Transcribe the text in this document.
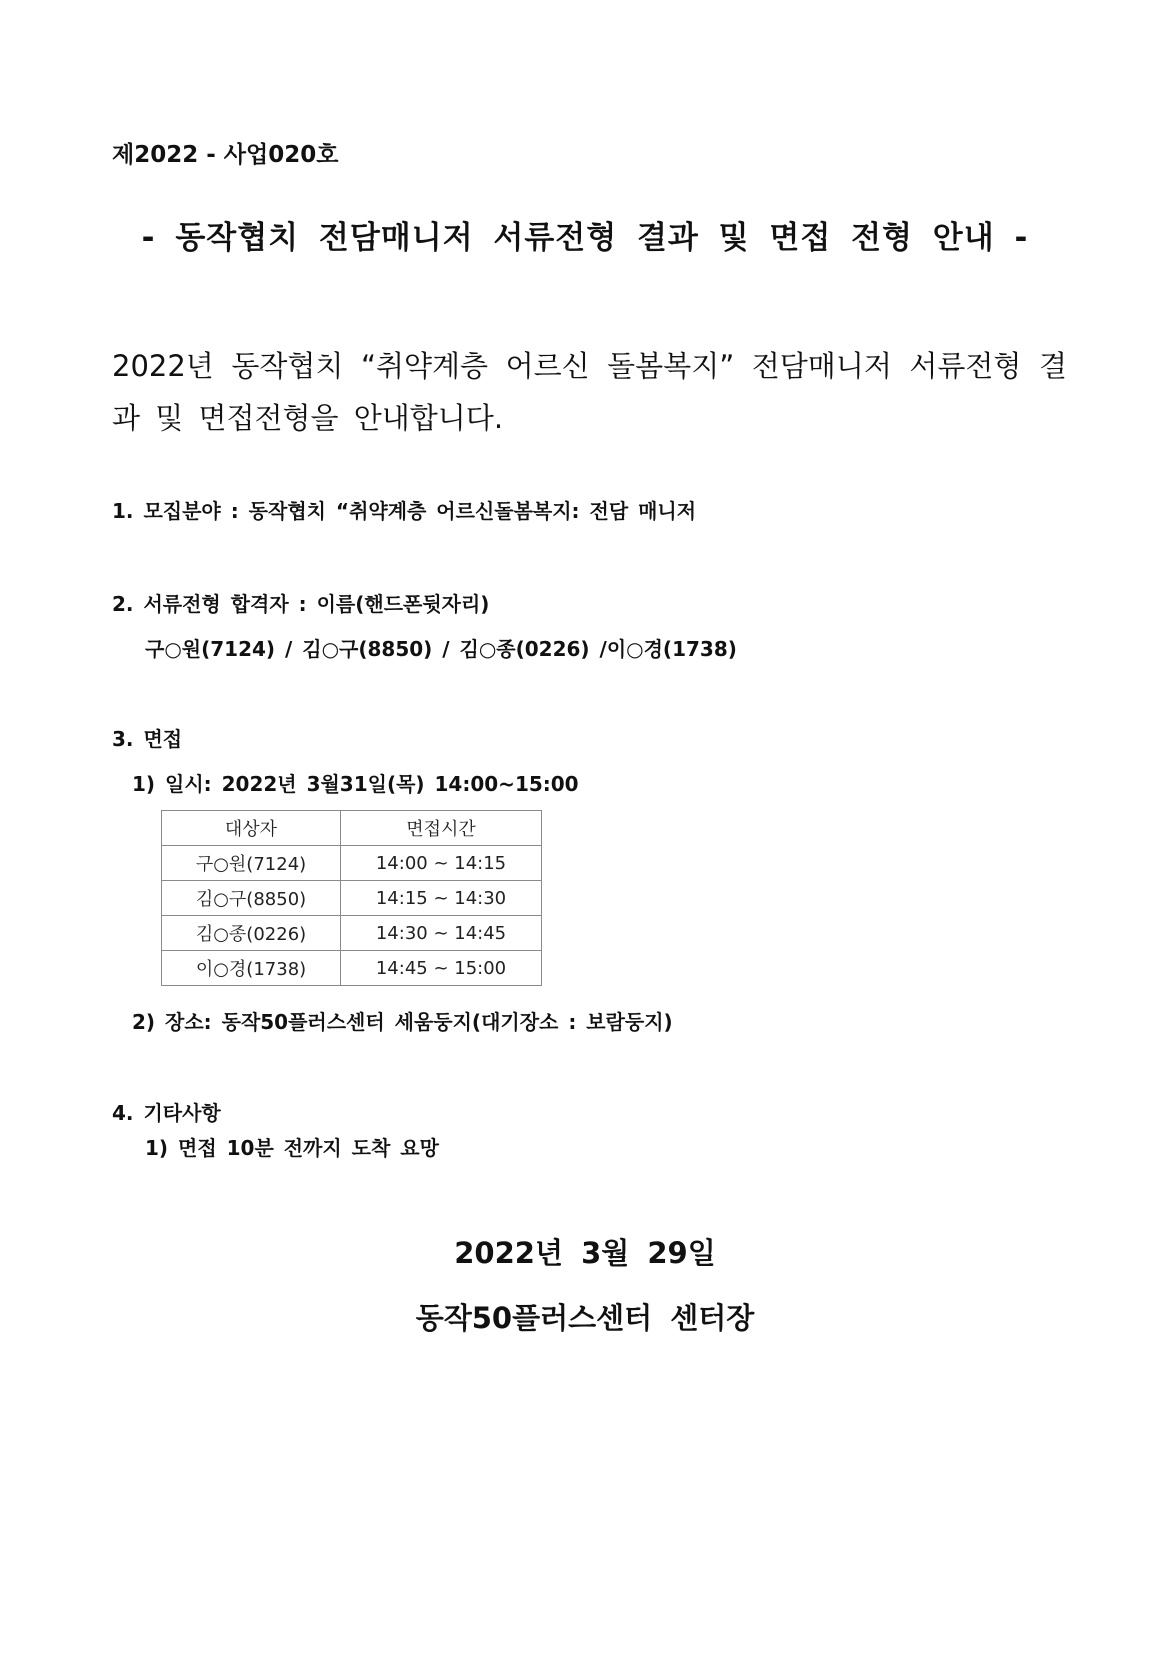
제2022 - 사업020호
- 동작협치 전담매니저 서류전형 결과 및 면접 전형 안내 -
2022년 동작협치 “취약계층 어르신 돌봄복지” 전담매니저 서류전형 결과 및 면접전형을 안내합니다.
1. 모집분야 : 동작협치 “취약계층 어르신돌봄복지: 전담 매니저
2. 서류전형 합격자 : 이름(핸드폰뒷자리)
구○원(7124) / 김○구(8850) / 김○종(0226) /이○경(1738)
3. 면접
1) 일시: 2022년 3월31일(목) 14:00~15:00
대상자	면접시간
구○원(7124)	14:00 ~ 14:15
김○구(8850)	14:15 ~ 14:30
김○종(0226)	14:30 ~ 14:45
이○경(1738)	14:45 ~ 15:00
2) 장소: 동작50플러스센터 세움둥지(대기장소 : 보람둥지)
4. 기타사항
1) 면접 10분 전까지 도착 요망
2022년 3월 29일
동작50플러스센터 센터장
